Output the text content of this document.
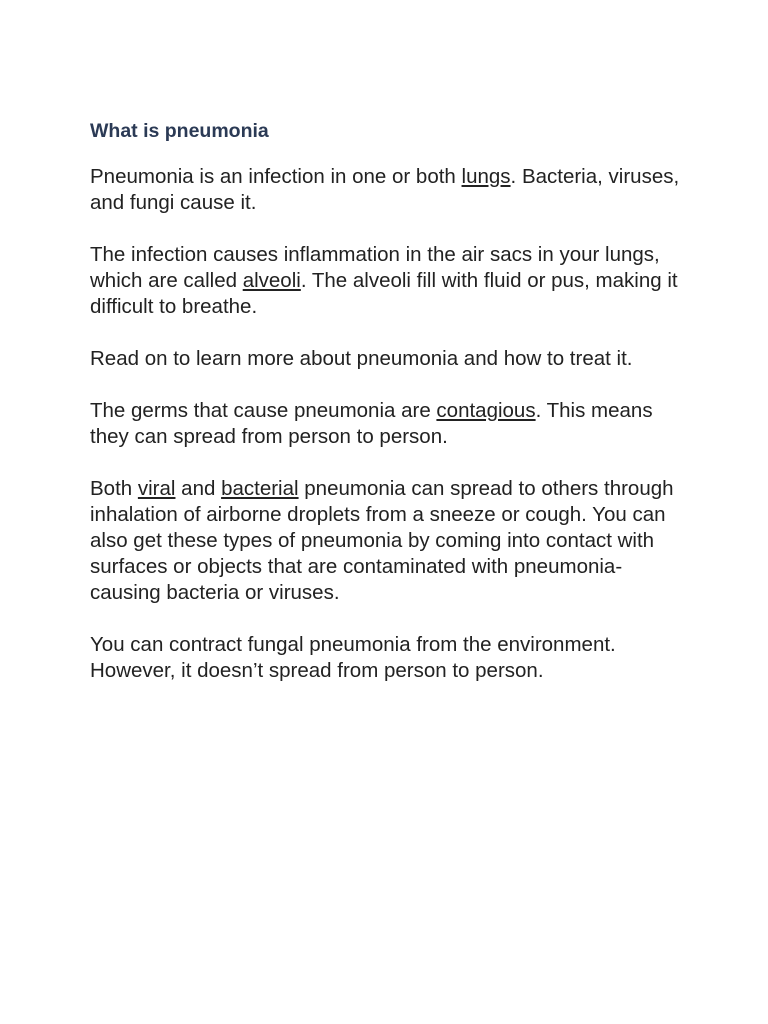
What is pneumonia

Pneumonia is an infection in one or both lungs. Bacteria, viruses, and fungi cause it.

The infection causes inflammation in the air sacs in your lungs, which are called alveoli. The alveoli fill with fluid or pus, making it difficult to breathe.

Read on to learn more about pneumonia and how to treat it.

The germs that cause pneumonia are contagious. This means they can spread from person to person.

Both viral and bacterial pneumonia can spread to others through inhalation of airborne droplets from a sneeze or cough. You can also get these types of pneumonia by coming into contact with surfaces or objects that are contaminated with pneumonia-causing bacteria or viruses.

You can contract fungal pneumonia from the environment. However, it doesn’t spread from person to person.
